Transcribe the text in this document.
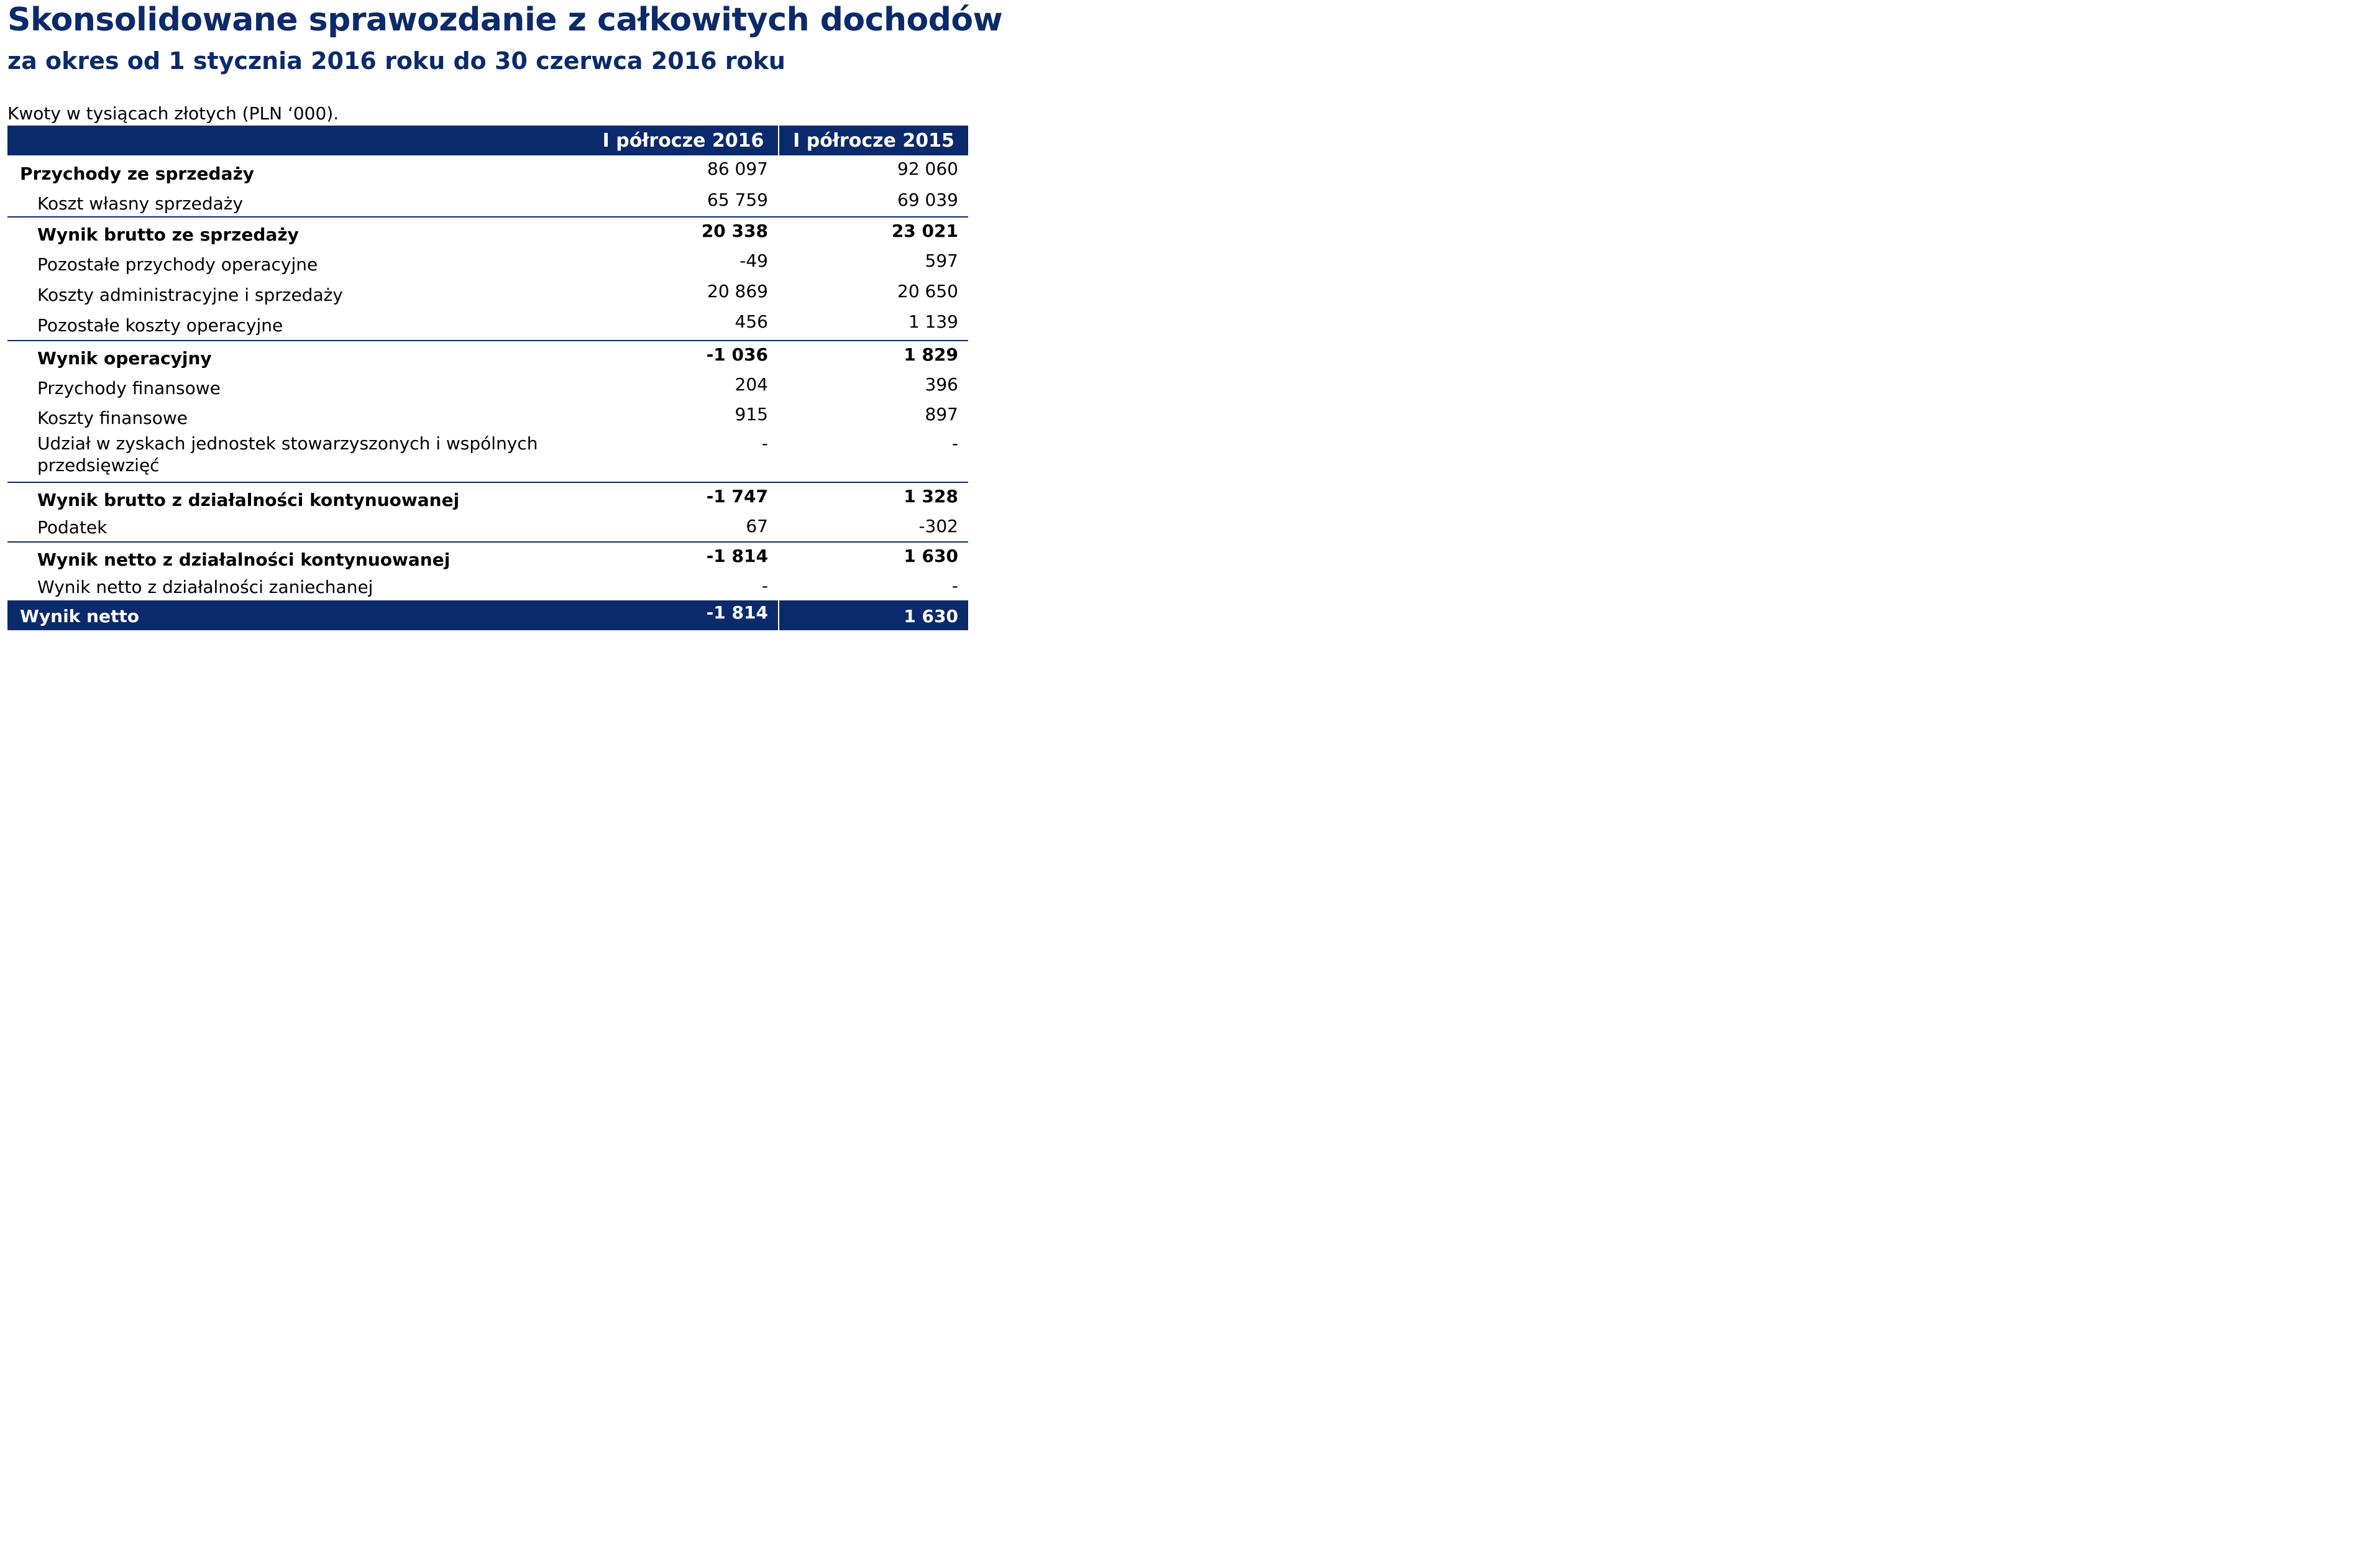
Skonsolidowane sprawozdanie z całkowitych dochodów
za okres od 1 stycznia 2016 roku do 30 czerwca 2016 roku
Kwoty w tysiącach złotych (PLN ‘000).
I półrocze 2016	I półrocze 2015
Przychody ze sprzedaży	86 097	92 060
Koszt własny sprzedaży	65 759	69 039
Wynik brutto ze sprzedaży	20 338	23 021
Pozostałe przychody operacyjne	-49	597
Koszty administracyjne i sprzedaży	20 869	20 650
Pozostałe koszty operacyjne	456	1 139
Wynik operacyjny	-1 036	1 829
Przychody finansowe	204	396
Koszty finansowe	915	897
Udział w zyskach jednostek stowarzyszonych i wspólnych
przedsięwzięć
-	-
Wynik brutto z działalności kontynuowanej	-1 747	1 328
Podatek	67	-302
Wynik netto z działalności kontynuowanej	-1 814	1 630
Wynik netto z działalności zaniechanej	-	-
Wynik netto	-1 814	1 630
